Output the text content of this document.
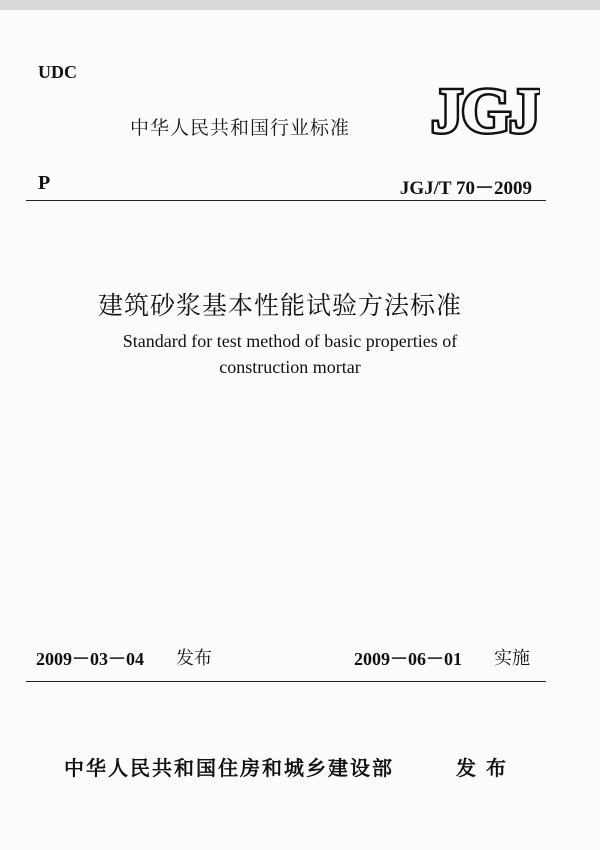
UDC
中华人民共和国行业标准 JGJ
P	JGJ/T 70－2009
建筑砂浆基本性能试验方法标准
Standard for test method of basic properties of
construction mortar
2009－03－04 发布	2009－06－01 实施
中华人民共和国住房和城乡建设部	发布
